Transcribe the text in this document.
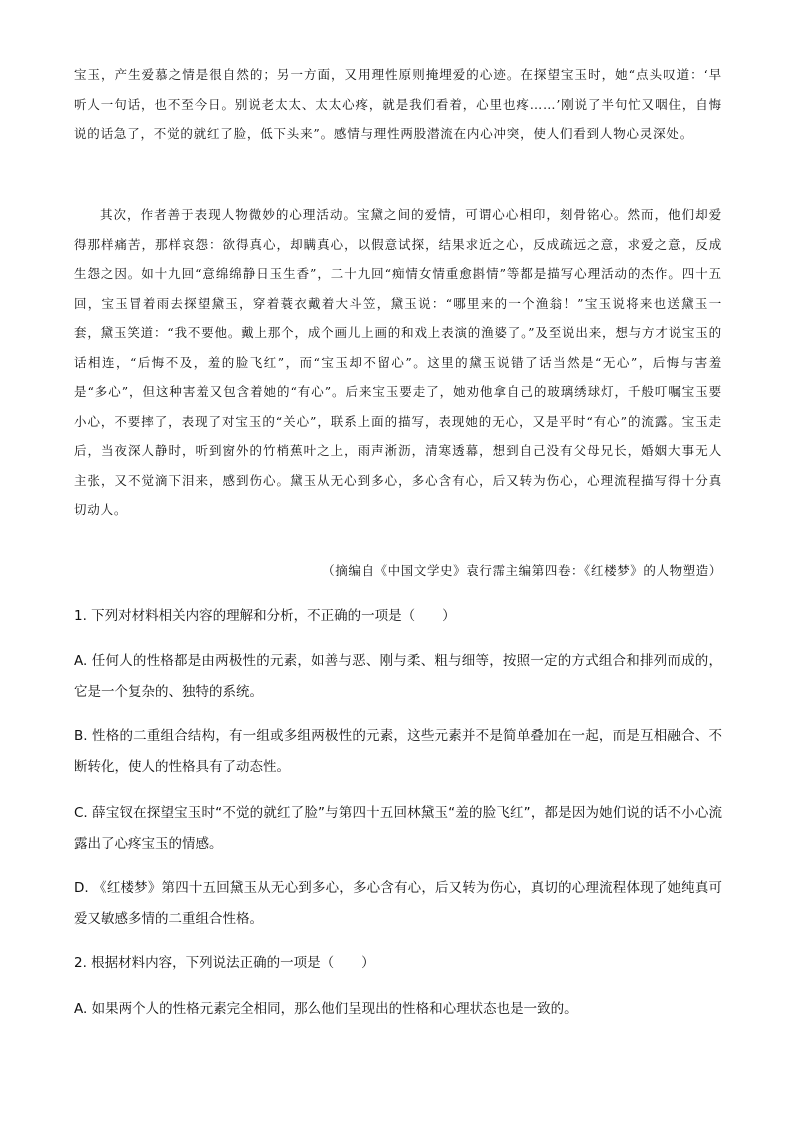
宝玉，产生爱慕之情是很自然的；另一方面，又用理性原则掩埋爱的心迹。在探望宝玉时，她“点头叹道：‘早听人一句话，也不至今日。别说老太太、太太心疼，就是我们看着，心里也疼……’刚说了半句忙又咽住，自悔说的话急了，不觉的就红了脸，低下头来”。感情与理性两股潜流在内心冲突，使人们看到人物心灵深处。

其次，作者善于表现人物微妙的心理活动。宝黛之间的爱情，可谓心心相印，刻骨铭心。然而，他们却爱得那样痛苦，那样哀怨：欲得真心，却瞒真心，以假意试探，结果求近之心，反成疏远之意，求爱之意，反成生怨之因。如十九回“意绵绵静日玉生香”，二十九回“痴情女情重愈斟情”等都是描写心理活动的杰作。四十五回，宝玉冒着雨去探望黛玉，穿着蓑衣戴着大斗笠，黛玉说：“哪里来的一个渔翁！”宝玉说将来也送黛玉一套，黛玉笑道：“我不要他。戴上那个，成个画儿上画的和戏上表演的渔婆了。”及至说出来，想与方才说宝玉的话相连，“后悔不及，羞的脸飞红”，而“宝玉却不留心”。这里的黛玉说错了话当然是“无心”，后悔与害羞是“多心”，但这种害羞又包含着她的“有心”。后来宝玉要走了，她劝他拿自己的玻璃绣球灯，千般叮嘱宝玉要小心，不要摔了，表现了对宝玉的“关心”，联系上面的描写，表现她的无心，又是平时“有心”的流露。宝玉走后，当夜深人静时，听到窗外的竹梢蕉叶之上，雨声淅沥，清寒透幕，想到自己没有父母兄长，婚姻大事无人主张，又不觉滴下泪来，感到伤心。黛玉从无心到多心，多心含有心，后又转为伤心，心理流程描写得十分真切动人。

（摘编自《中国文学史》袁行霈主编第四卷：《红楼梦》的人物塑造）

1. 下列对材料相关内容的理解和分析，不正确的一项是（　　）

A. 任何人的性格都是由两极性的元素，如善与恶、刚与柔、粗与细等，按照一定的方式组合和排列而成的，它是一个复杂的、独特的系统。

B. 性格的二重组合结构，有一组或多组两极性的元素，这些元素并不是简单叠加在一起，而是互相融合、不断转化，使人的性格具有了动态性。

C. 薛宝钗在探望宝玉时“不觉的就红了脸”与第四十五回林黛玉“羞的脸飞红”，都是因为她们说的话不小心流露出了心疼宝玉的情感。

D. 《红楼梦》第四十五回黛玉从无心到多心，多心含有心，后又转为伤心，真切的心理流程体现了她纯真可爱又敏感多情的二重组合性格。

2. 根据材料内容，下列说法正确的一项是（　　）

A. 如果两个人的性格元素完全相同，那么他们呈现出的性格和心理状态也是一致的。
